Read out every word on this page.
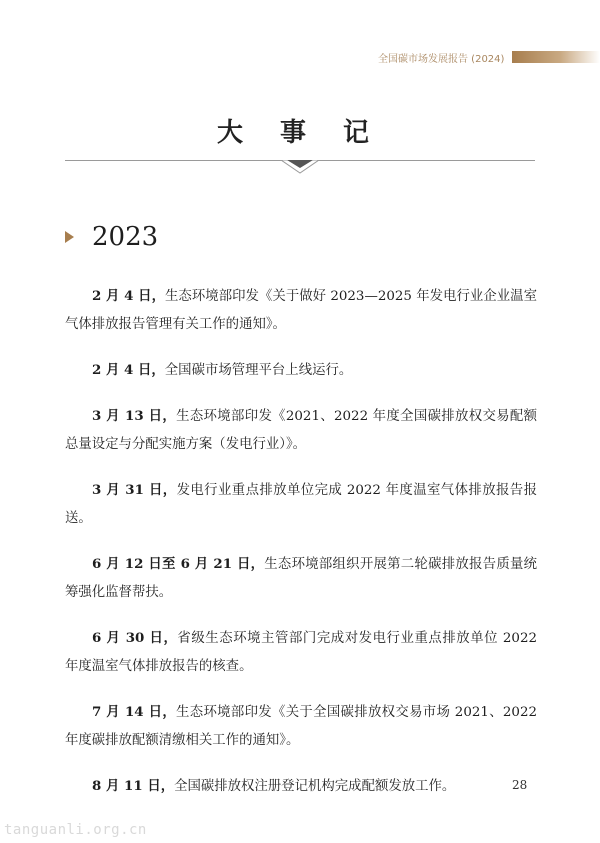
全国碳市场发展报告 (2024)
大 事 记
2023

2 月 4 日，生态环境部印发《关于做好 2023—2025 年发电行业企业温室气体排放报告管理有关工作的通知》。

2 月 4 日，全国碳市场管理平台上线运行。

3 月 13 日，生态环境部印发《2021、2022 年度全国碳排放权交易配额总量设定与分配实施方案（发电行业）》。

3 月 31 日，发电行业重点排放单位完成 2022 年度温室气体排放报告报送。

6 月 12 日至 6 月 21 日，生态环境部组织开展第二轮碳排放报告质量统筹强化监督帮扶。

6 月 30 日，省级生态环境主管部门完成对发电行业重点排放单位 2022 年度温室气体排放报告的核查。

7 月 14 日，生态环境部印发《关于全国碳排放权交易市场 2021、2022 年度碳排放配额清缴相关工作的通知》。

8 月 11 日，全国碳排放权注册登记机构完成配额发放工作。	28
tanguanli.org.cn
